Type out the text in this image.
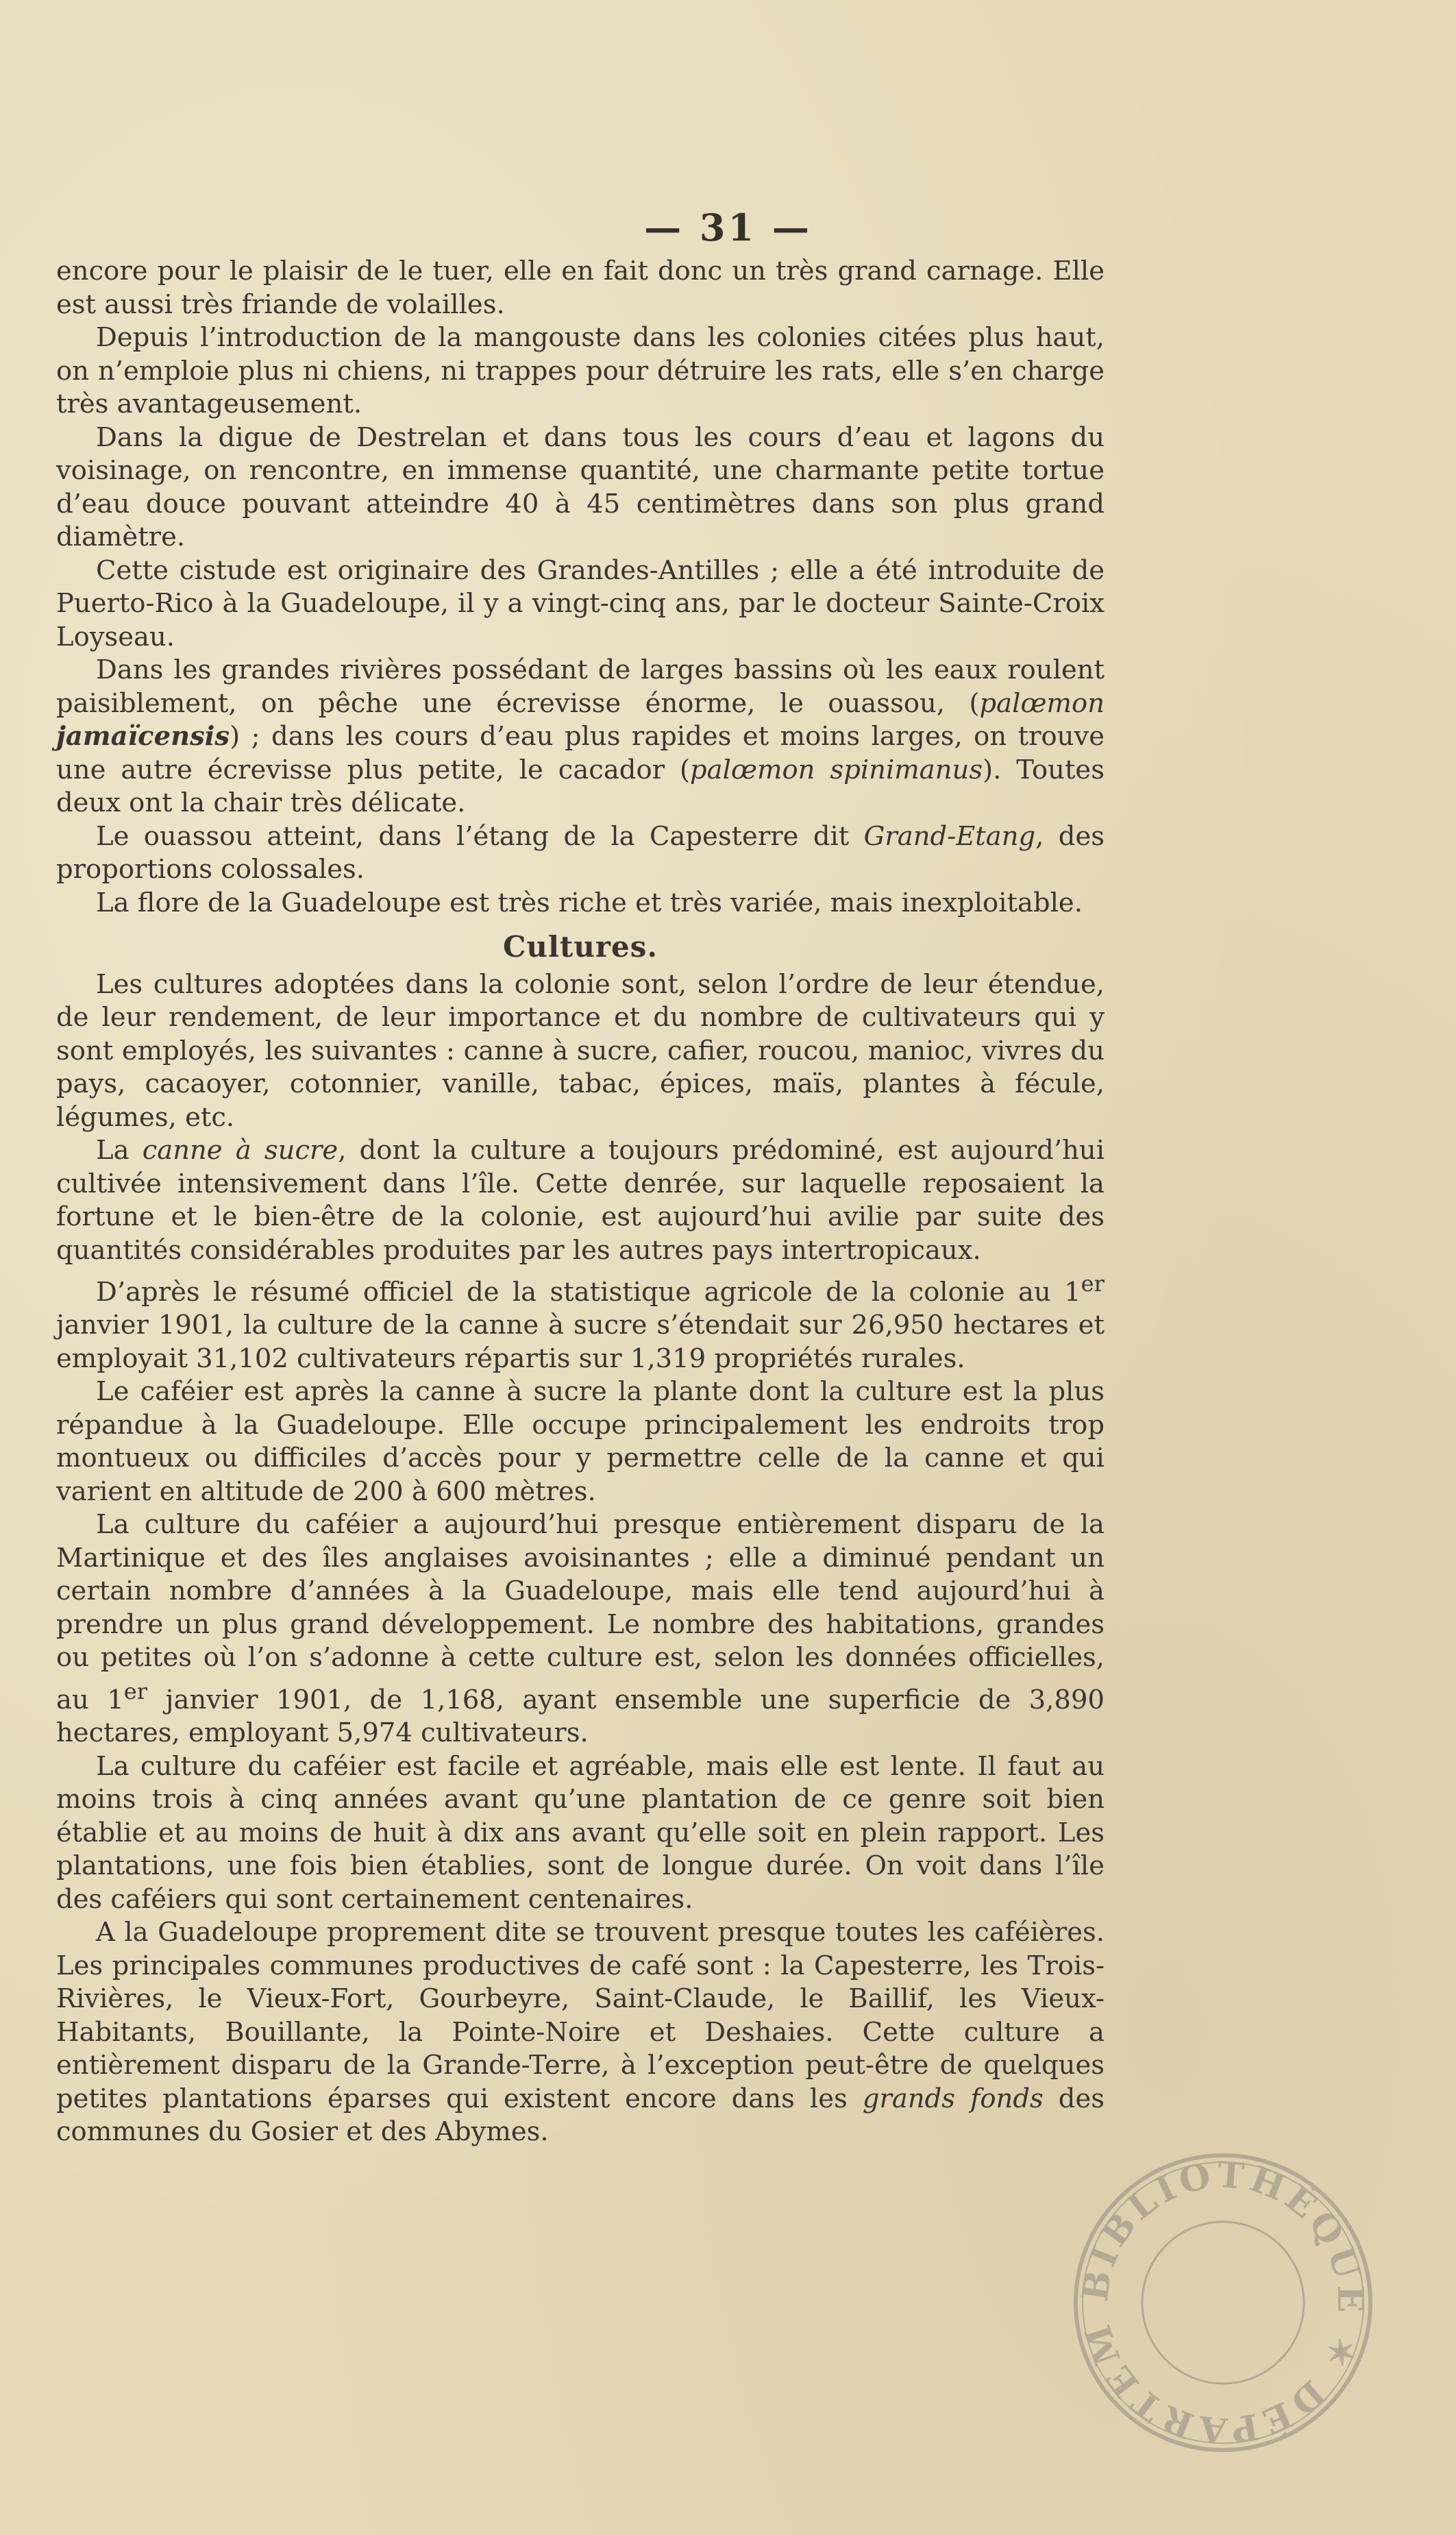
— 31 —

encore pour le plaisir de le tuer, elle en fait donc un très grand carnage. Elle est aussi très friande de volailles.

Depuis l’introduction de la mangouste dans les colonies citées plus haut, on n’emploie plus ni chiens, ni trappes pour détruire les rats, elle s’en charge très avantageusement.

Dans la digue de Destrelan et dans tous les cours d’eau et lagons du voisinage, on rencontre, en immense quantité, une charmante petite tortue d’eau douce pouvant atteindre 40 à 45 centimètres dans son plus grand diamètre.

Cette cistude est originaire des Grandes-Antilles ; elle a été introduite de Puerto-Rico à la Guadeloupe, il y a vingt-cinq ans, par le docteur Sainte-Croix Loyseau.

Dans les grandes rivières possédant de larges bassins où les eaux roulent paisiblement, on pêche une écrevisse énorme, le ouassou, (palœmon jamaïcensis) ; dans les cours d’eau plus rapides et moins larges, on trouve une autre écrevisse plus petite, le cacador (palœmon spinimanus). Toutes deux ont la chair très délicate.

Le ouassou atteint, dans l’étang de la Capesterre dit Grand-Etang, des proportions colossales.

La flore de la Guadeloupe est très riche et très variée, mais inexploitable.

Cultures.

Les cultures adoptées dans la colonie sont, selon l’ordre de leur étendue, de leur rendement, de leur importance et du nombre de cultivateurs qui y sont employés, les suivantes : canne à sucre, cafier, roucou, manioc, vivres du pays, cacaoyer, cotonnier, vanille, tabac, épices, maïs, plantes à fécule, légumes, etc.

La canne à sucre, dont la culture a toujours prédominé, est aujourd’hui cultivée intensivement dans l’île. Cette denrée, sur laquelle reposaient la fortune et le bien-être de la colonie, est aujourd’hui avilie par suite des quantités considérables produites par les autres pays intertropicaux.

D’après le résumé officiel de la statistique agricole de la colonie au 1er janvier 1901, la culture de la canne à sucre s’étendait sur 26,950 hectares et employait 31,102 cultivateurs répartis sur 1,319 propriétés rurales.

Le caféier est après la canne à sucre la plante dont la culture est la plus répandue à la Guadeloupe. Elle occupe principalement les endroits trop montueux ou difficiles d’accès pour y permettre celle de la canne et qui varient en altitude de 200 à 600 mètres.

La culture du caféier a aujourd’hui presque entièrement disparu de la Martinique et des îles anglaises avoisinantes ; elle a diminué pendant un certain nombre d’années à la Guadeloupe, mais elle tend aujourd’hui à prendre un plus grand développement. Le nombre des habitations, grandes ou petites où l’on s’adonne à cette culture est, selon les données officielles, au 1er janvier 1901, de 1,168, ayant ensemble une superficie de 3,890 hectares, employant 5,974 cultivateurs.

La culture du caféier est facile et agréable, mais elle est lente. Il faut au moins trois à cinq années avant qu’une plantation de ce genre soit bien établie et au moins de huit à dix ans avant qu’elle soit en plein rapport. Les plantations, une fois bien établies, sont de longue durée. On voit dans l’île des caféiers qui sont certainement centenaires.

A la Guadeloupe proprement dite se trouvent presque toutes les caféières. Les principales communes productives de café sont : la Capesterre, les Trois-Rivières, le Vieux-Fort, Gourbeyre, Saint-Claude, le Baillif, les Vieux-Habitants, Bouillante, la Pointe-Noire et Deshaies. Cette culture a entièrement disparu de la Grande-Terre, à l’exception peut-être de quelques petites plantations éparses qui existent encore dans les grands fonds des communes du Gosier et des Abymes.

BIBLIOTHÈQUE ✶ DÉPARTEM
